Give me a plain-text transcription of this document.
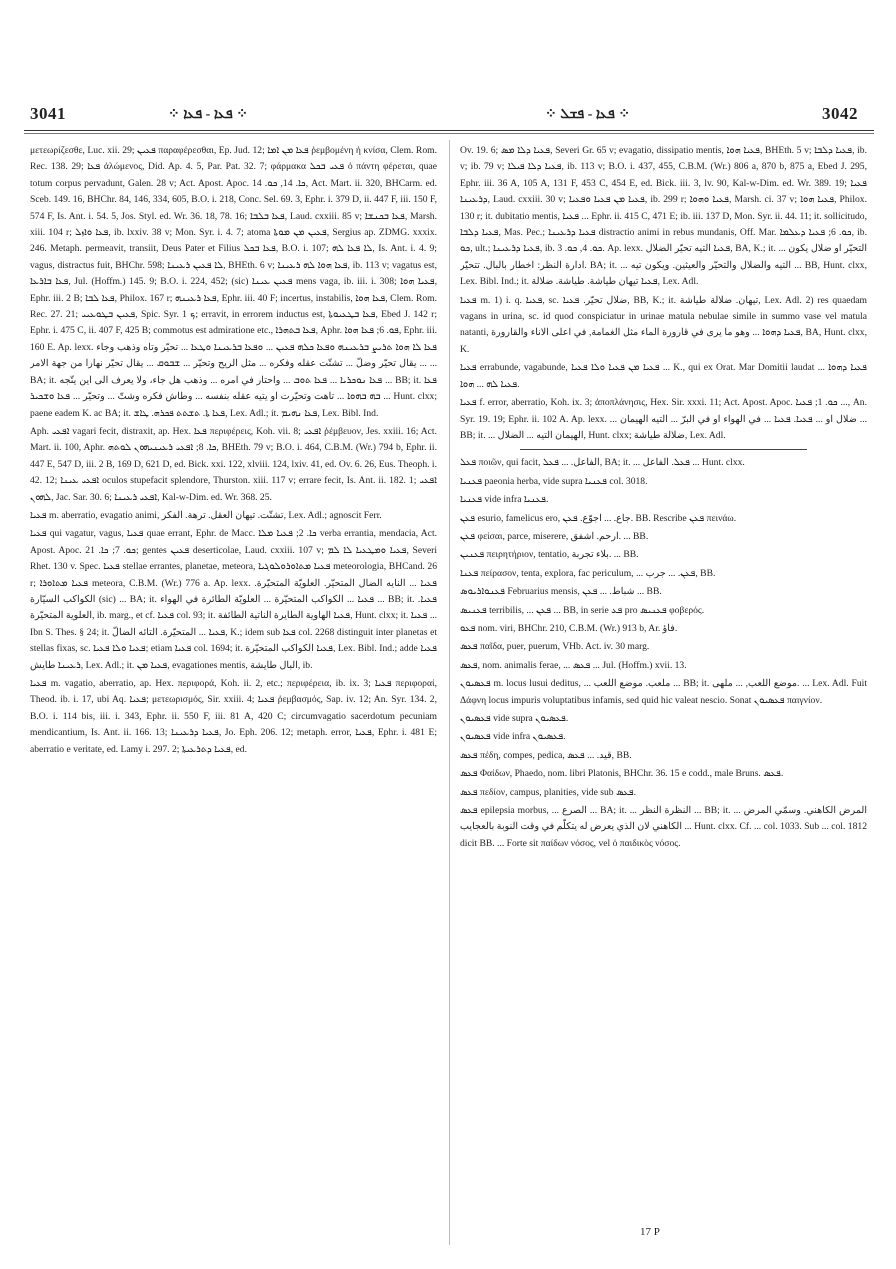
3041	⁘ ܦܥܐ - ܦܥܐ ⁘	⁘ ܦܥܐ - ܦܫܠ ⁘	3042

μετεωρίζεσθε, Luc. xii. 29; ܦܥܝܢ παραφέρεσθαι, Ep. Jud. 12; ܦܥܐ ܡܢ ܐܡܐ ῥεμβομένη ἡ κνίσα, Clem. Rom. Rec. 138. 29; ܦܥܐ ἀλώμενος, Did. Ap. 4. 5, Par. Pat. 32. 7; φάρμακα ܦܥܝ ܒܟܠ ὁ πάντη φέρεται, quae totum corpus pervadunt, Galen. 28 v; Act. Apost. Apoc. ܟܐ. 14, ܟܘ. 14, Act. Mart. ii. 320, BHCarm. ed. Sceb. 149. 16, BHChr. 84, 146, 334, 605, B.O. i. 218, Conc. Sel. 69. 3, Ephr. i. 379 D, ii. 447 F, iii. 150 F, 574 F, Is. Ant. i. 54. 5, Jos. Styl. ed. Wr. 36. 18, 78. 16; ܦܥܐ ܒܠܒܐ, Laud. cxxiii. 85 v; ܦܥܐ ܒܟܢܫܐ, Marsh. xiii. 104 r; ܦܥܐ ܘܐܙܠ, ib. lxxiv. 38 v; Mon. Syr. i. 4. 7; atoma ܦܥܝܢ ܡܢ ܡܘܬܐ, Sergius ap. ZDMG. xxxix. 246. Metaph. permeavit, transiit, Deus Pater et Filius ܦܥܐ ܒܟܠ, B.O. i. 107; ܠܐ ܦܥܐ ܠܗ, Is. Ant. i. 4. 9; vagus, distractus fuit, BHChr. 598; ܠܐ ܦܥܝܢ ܪܥܝܢܐ, BHEth. 6 v; ܦܥܐ ܗܘܐ ܠܗ ܪܥܝܢܐ, ib. 113 v; vagatus est, ܦܥܐ ܒܐܪܥܐ, Jul. (Hoffm.) 145. 9; B.O. i. 224, 452; (sic) ܦܥܝܢ ܥܝܢܐ mens vaga, ib. iii. i. 308; ܦܥܝܐ ܗܘܐ, Ephr. iii. 2 B; ܦܥܐ ܠܒܐ, Philox. 167 r; ܦܥܐ ܪܥܝܢܗ, Ephr. iii. 40 F; incertus, instabilis, ܦܥܐ ܗܘܐ, Clem. Rom. Rec. 27. 21; ܦܥܝܢ ܒܛܘܥܝܝ, Spic. Syr. ܟ 1; erravit, in errorem inductus est, ܦܥܐ ܒܛܥܝܘܬܐ, Ebed J. 142 r; Ephr. i. 475 C, ii. 407 F, 425 B; commotus est admiratione etc., ܦܥܐ ܒܬܗܪܐ, Aphr. ܦܘ. 6; ܦܥܐ ܗܘܐ, Ephr. iii. 160 E. Ap. lexx. ܦܥܐ ܠܐ ܗܘܐ ܬܪܝܨ ܒܪܥܝܢܗ ܘܦܥܐ ܟܠܗ ܦܥܝܢ ... ܘܦܥܐ ܒܪܥܝܢܐ ܘܛܥܐ ... تحيّر وتاه وذهب وجاء ... يقال تحيّر وضلّ ... تشتّت عقله وفكره ... مثل الريح وتحيّر ... ܫܒܘܩ ... يقال تحيّر نهارا من جهة الامر ... BA; it. ܦܥܐ ܢܘܟܪܝܐ ... ܦܥܐ ܬܘܒ ... واحتار في امره ... وذهب هل جاء، ولا يعرف الى اين يتّجه ... BB; it. ܦܥܐ ܒܗ ܒܗܘܐ ... تاهت وتحيّرت او يتيه عقله بنفسه ... وطاش فكره وشتّ ... وتحيّر ... ܦܥܐ ܘܫܟܝܪ ... Hunt. clxx; paene eadem K. ac BA; it. ܦܥܐ ܬܐ. ܬܫܬܬ ܦܟܪܗ. ܛܐܫ, Lex. Adl.; it. ܦܥܐ ܢܗܝܡ, Lex. Bibl. Ind.

Aph. ܐܦܥܝ vagari fecit, distraxit, ap. Hex. ܦܥܐ περιφέρεις, Koh. vii. 8; ܐܦܥܝ ῥέμβευον, Jes. xxiii. 16; Act. Mart. ii. 100, Aphr. ܟܐ. 8; ܐܦܥܝ ܪܥܝܢܝܗܘܢ ܠܘܬܗ, BHEth. 79 v; B.O. i. 464, C.B.M. (Wr.) 794 b, Ephr. ii. 447 E, 547 D, iii. 2 B, 169 D, 621 D, ed. Bick. xxi. 122, xlviii. 124, lxiv. 41, ed. Ov. 6. 26, Eus. Theoph. i. 42. 12; ܐܦܥܝ ܥܝܢܐ oculos stupefacit splendore, Thurston. xiii. 117 v; errare fecit, Is. Ant. ii. 182. 1; ܐܦܥܝ ܠܗܘܢ, Jac. Sar. 30. 6; ܐܦܥܝ ܪܥܝܢܐ, Kal-w-Dim. ed. Wr. 368. 25.

ܦܥܝܐ m. aberratio, evagatio animi, تشتّت. تيهان العقل. ترهة. الفكر, Lex. Adl.; agnoscit Ferr.

ܦܥܝܐ qui vagatur, vagus, ܦܥܝܐ quae errant, Ephr. de Macc. ܟܐ. 2; ܦܥܝܐ ܡܠܐ verba errantia, mendacia, Act. Apost. Apoc. ܟܘ. 7; ܟܐ. 21; gentes ܦܥܝܢ deserticolae, Laud. cxxiii. 107 v; ܦܥܝܐ ܘܡܛܥܝܐ ܠܐ ܠܡ, Severi Rhet. 130 v. Spec. ܦܥܝܐ stellae errantes, planetae, meteora, ܦܥܝܐ ܡܬܐܘܪܘܠܘܓܝܐ meteorologia, BHCand. 26 r; ܦܥܝܐ ܡܬܐܘܪܐ meteora, C.B.M. (Wr.) 776 a. Ap. lexx. ܦܥܝܐ ... النايه الضال المتحيّر. العلويّة المتحيّرة. الكواكب السيّارة (sic) ... BA; it. ܦܥܝܐ ... الكواكب المتحيّرة ... العلويّة الطائرة في الهواء ... BB; it. ܦܥܝܐ. العلوية المتحيّرة, ib. marg., et cf. ܦܥܝܐ col. 93; it. ܦܥܝܐ الهاوية الطايرة الناتية الطائفة, Hunt. clxx; it. ܦܥܝܐ ... Ibn S. Thes. § 24; it. ܦܥܝܐ ... المتحيّرة. التائه الضالّ, K.; idem sub ܦܥܐ col. 2268 distinguit inter planetas et stellas fixas, sc. ܦܥܝܐ ܘܠܐ ܦܥܝܐ; etiam ܦܥܝܐ col. 1694; it. ܦܥܝܐ الكواكب المتحيّرة, Lex. Bibl. Ind.; adde ܦܥܝܐ ܪܥܝܢܐ طايش, Lex. Adl.; it. ܦܥܝܐ ܡܢ, evagationes mentis, البال طايشة, ib.

ܦܥܝܐ m. vagatio, aberratio, ap. Hex. περιφορά, Koh. ii. 2, etc.; περιφέρεια, ib. ix. 3; ܦܥܝܐ περιφοραί, Theod. ib. i. 17, ubi Aq. ܦܥܝܐ; μετεωρισμός, Sir. xxiii. 4; ܦܥܝܐ ῥεμβασμός, Sap. iv. 12; An. Syr. 134. 2, B.O. i. 114 bis, iii. i. 343, Ephr. ii. 550 F, iii. 81 A, 420 C; circumvagatio sacerdotum pecuniam mendicantium, Is. Ant. ii. 166. 13; ܦܥܝܐ ܕܪܥܝܢܐ, Jo. Eph. 206. 12; metaph. error, ܦܥܝܐ, Ephr. i. 481 E; aberratio e veritate, ed. Lamy i. 297. 2; ܦܥܝܐ ܕܬܪܥܝܬܐ, ed.

Ov. 19. 6; ܦܥܝܐ ܕܠܐ ܡܣ, Severi Gr. 65 v; evagatio, dissipatio mentis, ܦܥܝܐ ܗܘܐ, BHEth. 5 v; ܦܥܝܐ ܕܠܒܐ, ib. v; ib. 79 v; ܦܥܝܐ ܕܠܐ ܦܝܠܐ, ib. 113 v; B.O. i. 437, 455, C.B.M. (Wr.) 806 a, 870 b, 875 a, Ebed J. 295, Ephr. iii. 36 A, 105 A, 131 F, 453 C, 454 E, ed. Bick. iii. 3, lv. 90, Kal-w-Dim. ed. Wr. 389. 19; ܦܥܝܐ ܕܪܥܝܢܐ, Laud. cxxiii. 30 v; ܦܥܝܐ ܡܢ ܦܥܝܐ ܘܦܥܝܐ, ib. 299 r; ܦܥܝܐ ܘܗܘܐ, Marsh. ci. 37 v; ܦܥܝܐ ܗܘܐ, Philox. 130 r; it. dubitatio mentis, ܦܥܝܐ ... Ephr. ii. 415 C, 471 E; ib. iii. 137 D, Mon. Syr. ii. 44. 11; it. sollicitudo, ܦܥܝܐ ܕܠܒܐ, Mas. Pec.; ܦܥܝܐ ܕܪܥܝܢܐ distractio animi in rebus mundanis, Off. Mar. ܟܘ. 6; ܦܥܝܐ ܕܥܠܡܐ, ib. ܟܘ, ult.; ܦܥܝܐ ܕܪܥܝܢܐ, ib. ܟܘ. 4, ܟܘ. 3. Ap. lexx. ܦܥܝܐ التيه تحيّر الضلال, BA, K.; it. ... التحيّر او ضلال يكون ادارة النظر: اخطار بالبال. تتحيّر. BA; it. ... التيه والضلال والتحيّر والعيثين. ويكون تيه ... BB, Hunt. clxx, Lex. Bibl. Ind.; it. ܦܥܝܐ تيهان طياشة. طياشة. ضلالة, Lex. Adl.

ܦܥܝܐ m. 1) i. q. ܦܥܝܐ, sc. ضلال تحيّر. ܦܥܝܐ, BB, K.; it. تيهان. ضلالة طياشة, Lex. Adl. 2) res quaedam vagans in urina, sc. id quod conspiciatur in urinae matula nebulae simile in summo vase vel matula natanti, ܦܥܝܐ ܕܗܘܐ ... وهو ما يرى في قارورة الماء مثل الغمامة, في اعلى الاناء والقارورة, BA, Hunt. clxx, K.

ܦܥܝܐ errabunde, vagabunde, ܦܥܝܐ ܡܢ ܦܥܝܐ ܘܠܐ ܦܥܝܐ ... K., qui ex Orat. Mar Domitii laudat ܦܥܝܐ ܕܗܘܐ ... ܦܥܝܐ ܠܗ ... ܗܘܐ.

ܦܥܝܐ f. error, aberratio, Koh. ix. 3; ἀποπλάνησις, Hex. Sir. xxxi. 11; Act. Apost. Apoc. ܟܘ. 1; ܦܥܝܐ ..., An. Syr. 19. 19; Ephr. ii. 102 A. Ap. lexx. ... ضلال او ... ܦܥܝܐ. ܦܥܝܐ ... في الهواء او في البرّ ... التيه الهيمان ... BB; it. ... الهيمان التيه ... الضلال, Hunt. clxx; ضلالة طياشة, Lex. Adl.

ܦܥܠ ποιῶν, qui facit, الفاعل. ... ܦܥܠ, BA; it. ... ܦܥܠ. الفاعل ... Hunt. clxx.

ܦܥܢܝܐ paeonia herba, vide supra ܦܥܢܝܐ col. 3018.

ܦܥܢܝܐ vide infra ܦܥܢܝܐ.

ܦܥܢ esurio, famelicus ero, جاع. ... اجوّع. ܦܥܢ. BB. Rescribe ܦܥܢ πεινάω.

ܦܥܢ φείσαι, parce, miserere, ارحم. اشفق. ... BB.

ܦܥܢܝܢ πειρητήριον, tentatio, بلاء تجربة. ... BB.

ܦܥܢܐ πείρασον, tenta, explora, fac periculum, ... ܦܥܢ. ... جرب, BB.

ܦܥܢܘܐܪܝܘܣ Februarius mensis, شباط. ... ܦܥܢ ... BB.

ܦܥܢܝܣ terribilis, ... ܦܥܢ ... BB, in serie ܦܥ pro ܦܥܢܝܣ φοβερός.

ܦܥܘ nom. viri, BHChr. 210, C.B.M. (Wr.) 913 b, Ar. فاؤ.

ܦܥܣ παῖδα, puer, puerum, VHb. Act. iv. 30 marg.

ܦܥܣ, nom. animalis ferae, ... ܦܥܣ ... Jul. (Hoffm.) xvii. 13.

ܦܥܣܝܘܢ m. locus lusui deditus, ... ملعب. موضع اللعب ... BB; it. موضع اللعب, ... ملهى. ... Lex. Adl. Fuit Δάφνη locus impuris voluptatibus infamis, sed quid hic valeat nescio. Sonat ܦܥܣܝܘܢ παιγνίον.

ܦܥܣܝܘܢ vide supra ܦܥܣܝܘܢ.

ܦܥܣܝܘܢ vide infra ܦܥܣܝܘܢ.

ܦܥܣ πέδη, compes, pedica, قيد. ... ܦܥܣ, BB.

ܦܥܣ Φαίδων, Phaedo, nom. libri Platonis, BHChr. 36. 15 e codd., male Bruns. ܦܥܣ.

ܦܥܣ πεδίον, campus, planities, vide sub ܦܥܣ.

ܦܥܣ epilepsia morbus, ... الصرع ... BA; it. ... النظرة النظر ... BB; it. ... المرض الكاهني. وسمّي المرض الكاهني لان الذي يعرض له يتكلّم في وقت النوبة بالعجايب ... Hunt. clxx. Cf. ... col. 1033. Sub ... col. 1812 dicit BB. ... Forte sit παίδων νόσος, vel ὁ παιδικὸς νόσος.

17 P
